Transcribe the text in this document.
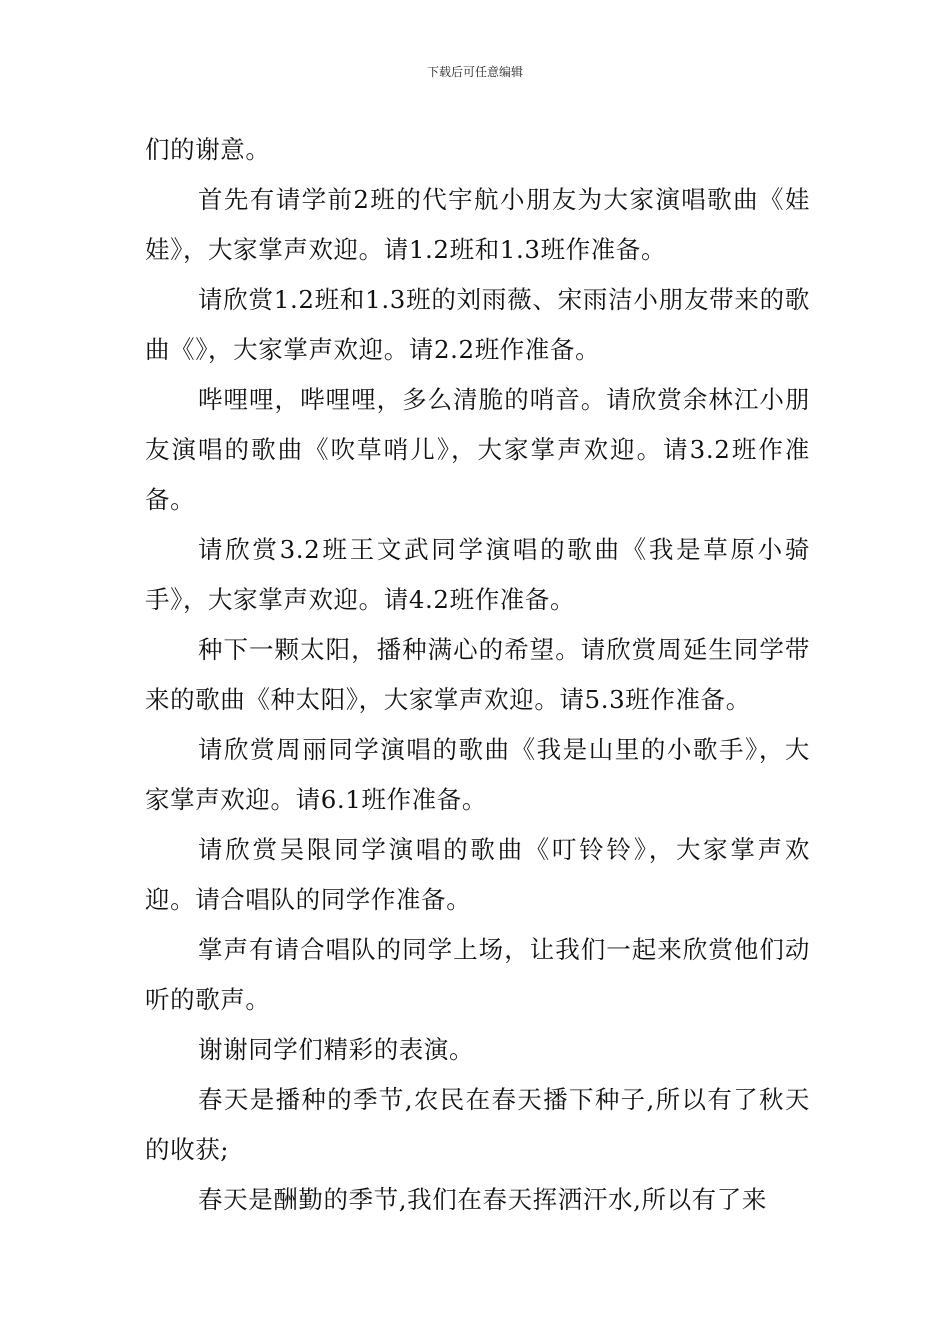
下载后可任意编辑

们的谢意。

首先有请学前2班的代宇航小朋友为大家演唱歌曲《娃娃》，大家掌声欢迎。请1.2班和1.3班作准备。

请欣赏1.2班和1.3班的刘雨薇、宋雨洁小朋友带来的歌曲《》，大家掌声欢迎。请2.2班作准备。

哔哩哩，哔哩哩，多么清脆的哨音。请欣赏余林江小朋友演唱的歌曲《吹草哨儿》，大家掌声欢迎。请3.2班作准备。

请欣赏3.2班王文武同学演唱的歌曲《我是草原小骑手》，大家掌声欢迎。请4.2班作准备。

种下一颗太阳，播种满心的希望。请欣赏周延生同学带来的歌曲《种太阳》，大家掌声欢迎。请5.3班作准备。

请欣赏周丽同学演唱的歌曲《我是山里的小歌手》，大家掌声欢迎。请6.1班作准备。

请欣赏吴限同学演唱的歌曲《叮铃铃》，大家掌声欢迎。请合唱队的同学作准备。

掌声有请合唱队的同学上场，让我们一起来欣赏他们动听的歌声。

谢谢同学们精彩的表演。

春天是播种的季节,农民在春天播下种子,所以有了秋天的收获;

春天是酬勤的季节,我们在春天挥洒汗水,所以有了来
